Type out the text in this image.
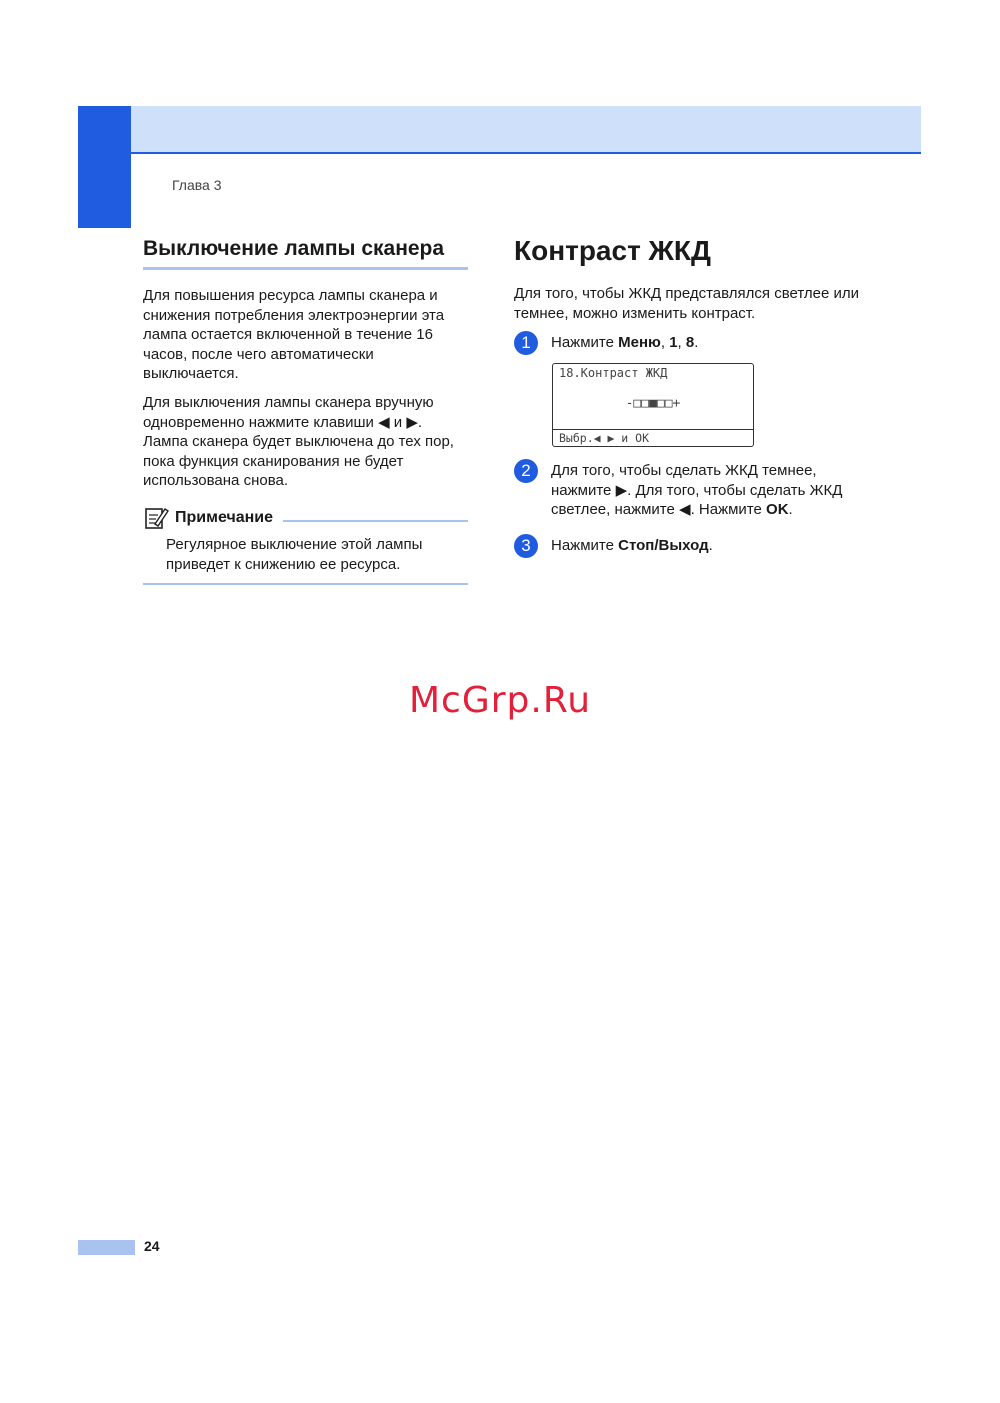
Глава 3
Выключение лампы сканера

Для повышения ресурса лампы сканера и снижения потребления электроэнергии эта лампа остается включенной в течение 16 часов, после чего автоматически выключается.

Для выключения лампы сканера вручную одновременно нажмите клавиши ◀ и ▶. Лампа сканера будет выключена до тех пор, пока функция сканирования не будет использована снова.

Примечание

Регулярное выключение этой лампы приведет к снижению ее ресурса.

Контраст ЖКД

Для того, чтобы ЖКД представлялся светлее или темнее, можно изменить контраст.

1	Нажмите Меню, 1, 8.
18.Контраст ЖКД
-□□■□□+
Выбр.◀ ▶ и OK
2	Для того, чтобы сделать ЖКД темнее, нажмите ▶. Для того, чтобы сделать ЖКД светлее, нажмите ◀. Нажмите OK.
3	Нажмите Стоп/Выход.
McGrp.Ru
24
